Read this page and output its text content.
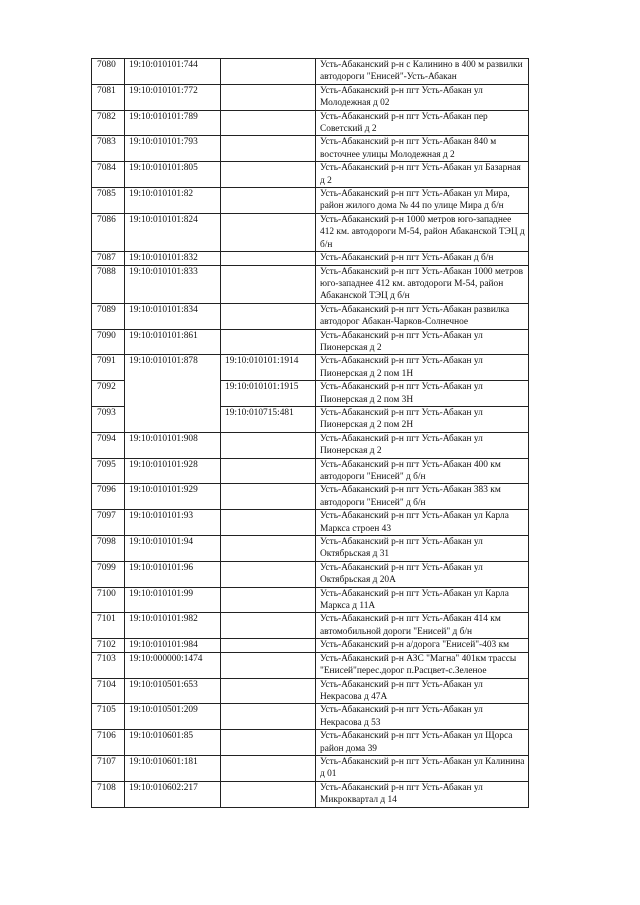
7080	19:10:010101:744		Усть-Абаканский р-н с Калинино в 400 м развилки автодороги "Енисей"-Усть-Абакан
7081	19:10:010101:772		Усть-Абаканский р-н пгт Усть-Абакан ул Молодежная д 02
7082	19:10:010101:789		Усть-Абаканский р-н пгт Усть-Абакан пер Советский д 2
7083	19:10:010101:793		Усть-Абаканский р-н пгт Усть-Абакан 840 м восточнее улицы Молодежная д 2
7084	19:10:010101:805		Усть-Абаканский р-н пгт Усть-Абакан ул Базарная д 2
7085	19:10:010101:82		Усть-Абаканский р-н пгт Усть-Абакан ул Мира, район жилого дома № 44 по улице Мира д б/н
7086	19:10:010101:824		Усть-Абаканский р-н 1000 метров юго-западнее 412 км. автодороги М-54, район Абаканской ТЭЦ д б/н
7087	19:10:010101:832		Усть-Абаканский р-н пгт Усть-Абакан д б/н
7088	19:10:010101:833		Усть-Абаканский р-н пгт Усть-Абакан 1000 метров юго-западнее 412 км. автодороги М-54, район Абаканской ТЭЦ д б/н
7089	19:10:010101:834		Усть-Абаканский р-н пгт Усть-Абакан развилка автодорог Абакан-Чарков-Солнечное
7090	19:10:010101:861		Усть-Абаканский р-н пгт Усть-Абакан ул Пионерская д 2
7091	19:10:010101:878	19:10:010101:1914	Усть-Абаканский р-н пгт Усть-Абакан ул Пионерская д 2 пом 1Н
7092		19:10:010101:1915	Усть-Абаканский р-н пгт Усть-Абакан ул Пионерская д 2 пом 3Н
7093		19:10:010715:481	Усть-Абаканский р-н пгт Усть-Абакан ул Пионерская д 2 пом 2Н
7094	19:10:010101:908		Усть-Абаканский р-н пгт Усть-Абакан ул Пионерская д 2
7095	19:10:010101:928		Усть-Абаканский р-н пгт Усть-Абакан 400 км автодороги "Енисей" д б/н
7096	19:10:010101:929		Усть-Абаканский р-н пгт Усть-Абакан 383 км автодороги "Енисей" д б/н
7097	19:10:010101:93		Усть-Абаканский р-н пгт Усть-Абакан ул Карла Маркса строен 43
7098	19:10:010101:94		Усть-Абаканский р-н пгт Усть-Абакан ул Октябрьская д 31
7099	19:10:010101:96		Усть-Абаканский р-н пгт Усть-Абакан ул Октябрьская д 20А
7100	19:10:010101:99		Усть-Абаканский р-н пгт Усть-Абакан ул Карла Маркса д 11А
7101	19:10:010101:982		Усть-Абаканский р-н пгт Усть-Абакан 414 км автомобильной дороги "Енисей" д б/н
7102	19:10:010101:984		Усть-Абаканский р-н а/дорога "Енисей"-403 км
7103	19:10:000000:1474		Усть-Абаканский р-н АЗС "Магна" 401км трассы "Енисей"перес.дорог п.Расцвет-с.Зеленое
7104	19:10:010501:653		Усть-Абаканский р-н пгт Усть-Абакан ул Некрасова д 47А
7105	19:10:010501:209		Усть-Абаканский р-н пгт Усть-Абакан ул Некрасова д 53
7106	19:10:010601:85		Усть-Абаканский р-н пгт Усть-Абакан ул Щорса район дома 39
7107	19:10:010601:181		Усть-Абаканский р-н пгт Усть-Абакан ул Калинина д 01
7108	19:10:010602:217		Усть-Абаканский р-н пгт Усть-Абакан ул Микроквартал д 14
